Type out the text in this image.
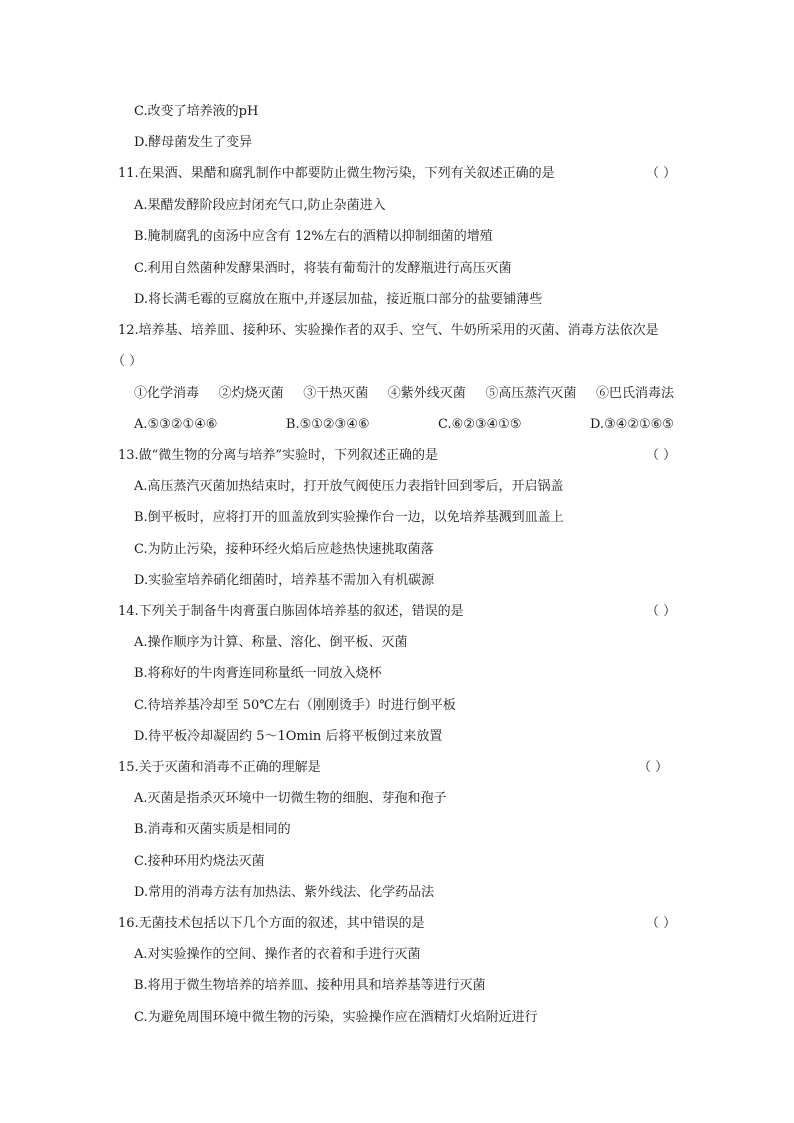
C.改变了培养液的pH
D.酵母菌发生了变异
11.在果酒、果醋和腐乳制作中都要防止微生物污染，下列有关叙述正确的是	（ ）
A.果醋发酵阶段应封闭充气口,防止杂菌进入
B.腌制腐乳的卤汤中应含有 12%左右的酒精以抑制细菌的增殖
C.利用自然菌种发酵果酒时，将装有葡萄汁的发酵瓶进行高压灭菌
D.将长满毛霉的豆腐放在瓶中,并逐层加盐，接近瓶口部分的盐要铺薄些
12.培养基、培养皿、接种环、实验操作者的双手、空气、牛奶所采用的灭菌、消毒方法依次是
（ ）
①化学消毒 ②灼烧灭菌 ③干热灭菌 ④紫外线灭菌 ⑤高压蒸汽灭菌 ⑥巴氏消毒法
A.⑤③②①④⑥	B.⑤①②③④⑥	C.⑥②③④①⑤	D.③④②①⑥⑤
13.做“微生物的分离与培养”实验时，下列叙述正确的是	（ ）
A.高压蒸汽灭菌加热结束时，打开放气阀使压力表指针回到零后，开启锅盖
B.倒平板时，应将打开的皿盖放到实验操作台一边，以免培养基溅到皿盖上
C.为防止污染，接种环经火焰后应趁热快速挑取菌落
D.实验室培养硝化细菌时，培养基不需加入有机碳源
14.下列关于制备牛肉膏蛋白胨固体培养基的叙述，错误的是	（ ）
A.操作顺序为计算、称量、溶化、倒平板、灭菌
B.将称好的牛肉膏连同称量纸一同放入烧杯
C.待培养基冷却至 50℃左右（刚刚烫手）时进行倒平板
D.待平板冷却凝固约 5～1Omin 后将平板倒过来放置
15.关于灭菌和消毒不正确的理解是	（ ）
A.灭菌是指杀灭环境中一切微生物的细胞、芽孢和孢子
B.消毒和灭菌实质是相同的
C.接种环用灼烧法灭菌
D.常用的消毒方法有加热法、紫外线法、化学药品法
16.无菌技术包括以下几个方面的叙述，其中错误的是	（ ）
A.对实验操作的空间、操作者的衣着和手进行灭菌
B.将用于微生物培养的培养皿、接种用具和培养基等进行灭菌
C.为避免周围环境中微生物的污染，实验操作应在酒精灯火焰附近进行
